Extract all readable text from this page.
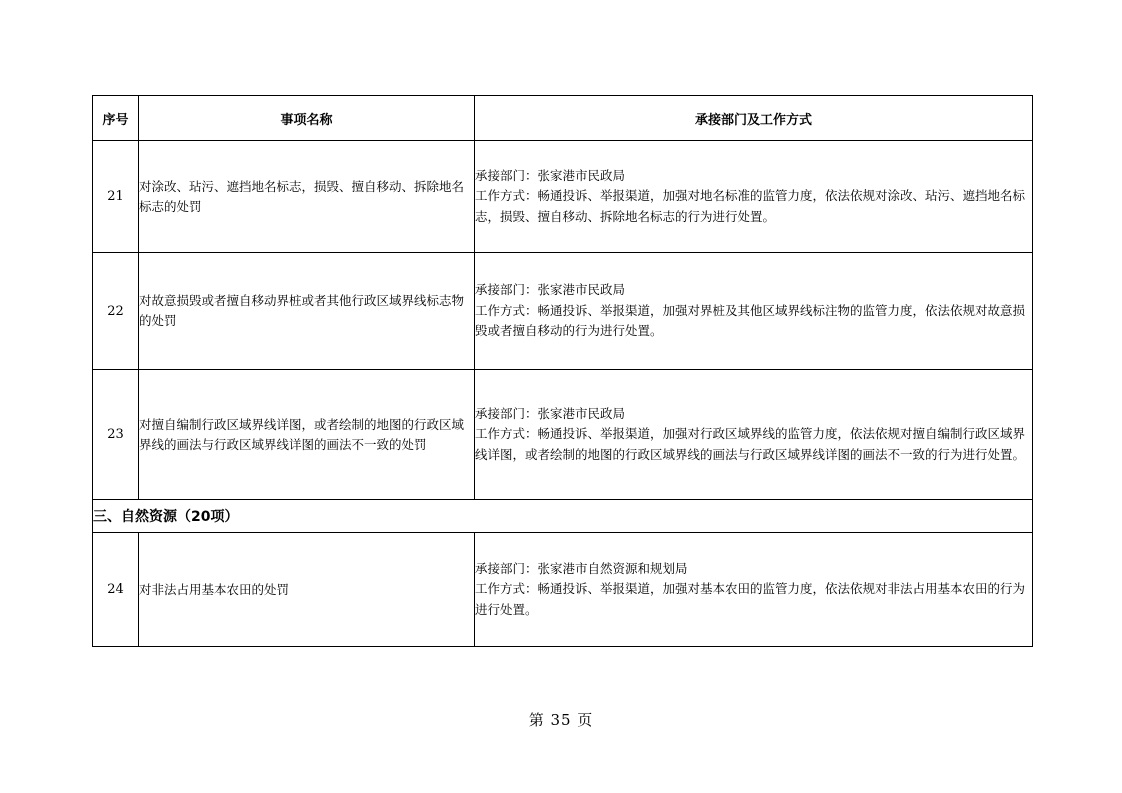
序号	事项名称	承接部门及工作方式
21	对涂改、玷污、遮挡地名标志，损毁、擅自移动、拆除地名标志的处罚	承接部门：张家港市民政局
工作方式：畅通投诉、举报渠道，加强对地名标准的监管力度，依法依规对涂改、玷污、遮挡地名标志，损毁、擅自移动、拆除地名标志的行为进行处置。

22	对故意损毁或者擅自移动界桩或者其他行政区域界线标志物的处罚	承接部门：张家港市民政局
工作方式：畅通投诉、举报渠道，加强对界桩及其他区域界线标注物的监管力度，依法依规对故意损毁或者擅自移动的行为进行处置。

23	对擅自编制行政区域界线详图，或者绘制的地图的行政区域界线的画法与行政区域界线详图的画法不一致的处罚	承接部门：张家港市民政局
工作方式：畅通投诉、举报渠道，加强对行政区域界线的监管力度，依法依规对擅自编制行政区域界线详图，或者绘制的地图的行政区域界线的画法与行政区域界线详图的画法不一致的行为进行处置。

三、自然资源（20项）		
24	对非法占用基本农田的处罚	承接部门：张家港市自然资源和规划局
工作方式：畅通投诉、举报渠道，加强对基本农田的监管力度，依法依规对非法占用基本农田的行为进行处置。
第 35 页
